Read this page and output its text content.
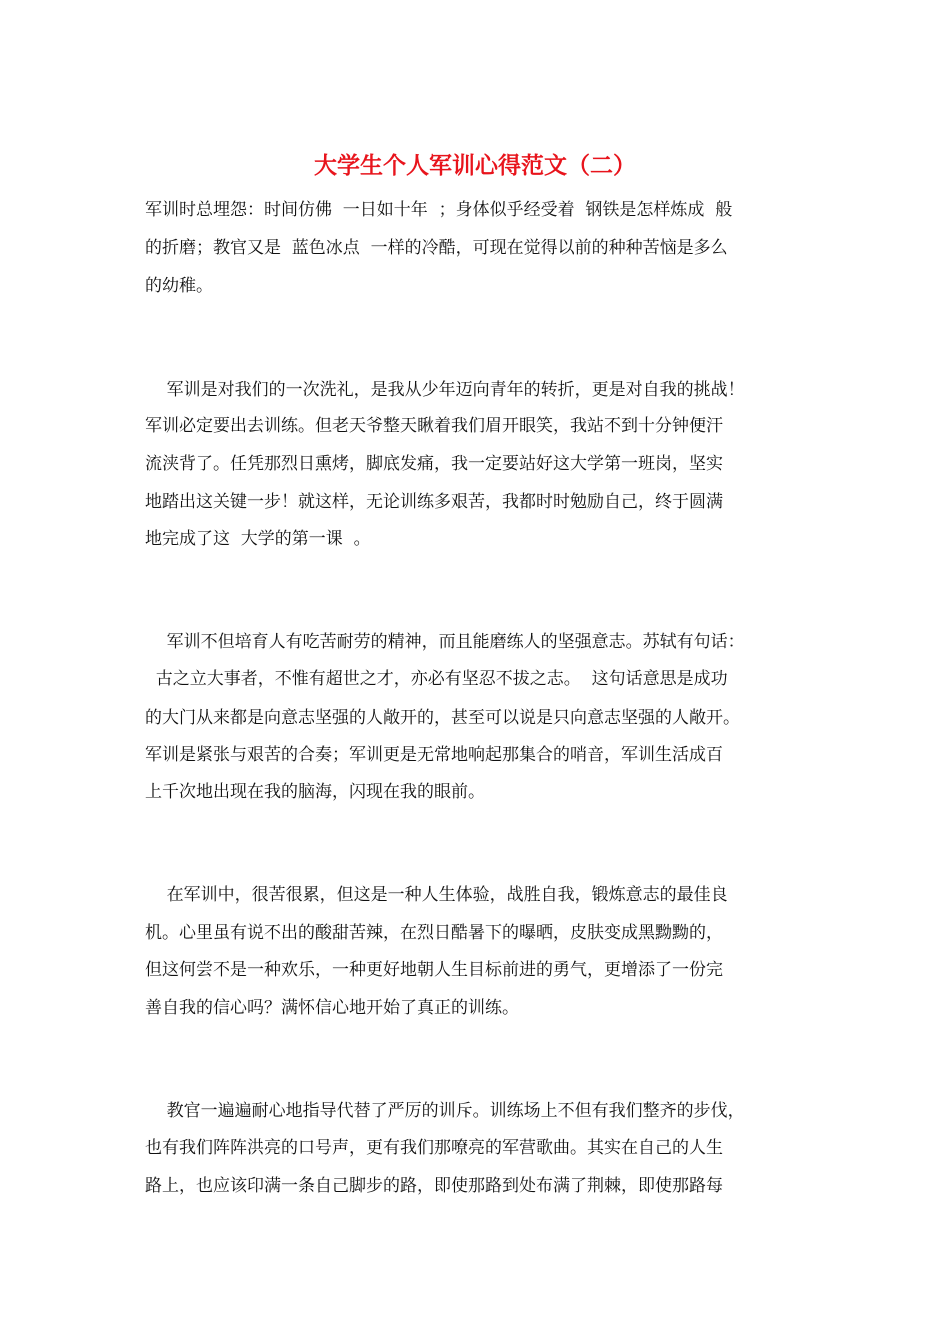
大学生个人军训心得范文（二）

军训时总埋怨：时间仿佛  一日如十年  ；身体似乎经受着  钢铁是怎样炼成  般

的折磨；教官又是  蓝色冰点  一样的冷酷，可现在觉得以前的种种苦恼是多么

的幼稚。

军训是对我们的一次洗礼，是我从少年迈向青年的转折，更是对自我的挑战！

军训必定要出去训练。但老天爷整天瞅着我们眉开眼笑，我站不到十分钟便汗

流浃背了。任凭那烈日熏烤，脚底发痛，我一定要站好这大学第一班岗，坚实

地踏出这关键一步！就这样，无论训练多艰苦，我都时时勉励自己，终于圆满

地完成了这  大学的第一课  。

军训不但培育人有吃苦耐劳的精神，而且能磨练人的坚强意志。苏轼有句话：

古之立大事者，不惟有超世之才，亦必有坚忍不拔之志。  这句话意思是成功

的大门从来都是向意志坚强的人敞开的，甚至可以说是只向意志坚强的人敞开。

军训是紧张与艰苦的合奏；军训更是无常地响起那集合的哨音，军训生活成百

上千次地出现在我的脑海，闪现在我的眼前。

在军训中，很苦很累，但这是一种人生体验，战胜自我，锻炼意志的最佳良

机。心里虽有说不出的酸甜苦辣，在烈日酷暑下的曝晒，皮肤变成黑黝黝的，

但这何尝不是一种欢乐，一种更好地朝人生目标前进的勇气，更增添了一份完

善自我的信心吗？满怀信心地开始了真正的训练。

教官一遍遍耐心地指导代替了严厉的训斥。训练场上不但有我们整齐的步伐，

也有我们阵阵洪亮的口号声，更有我们那嘹亮的军营歌曲。其实在自己的人生

路上，也应该印满一条自己脚步的路，即使那路到处布满了荆棘，即使那路每
